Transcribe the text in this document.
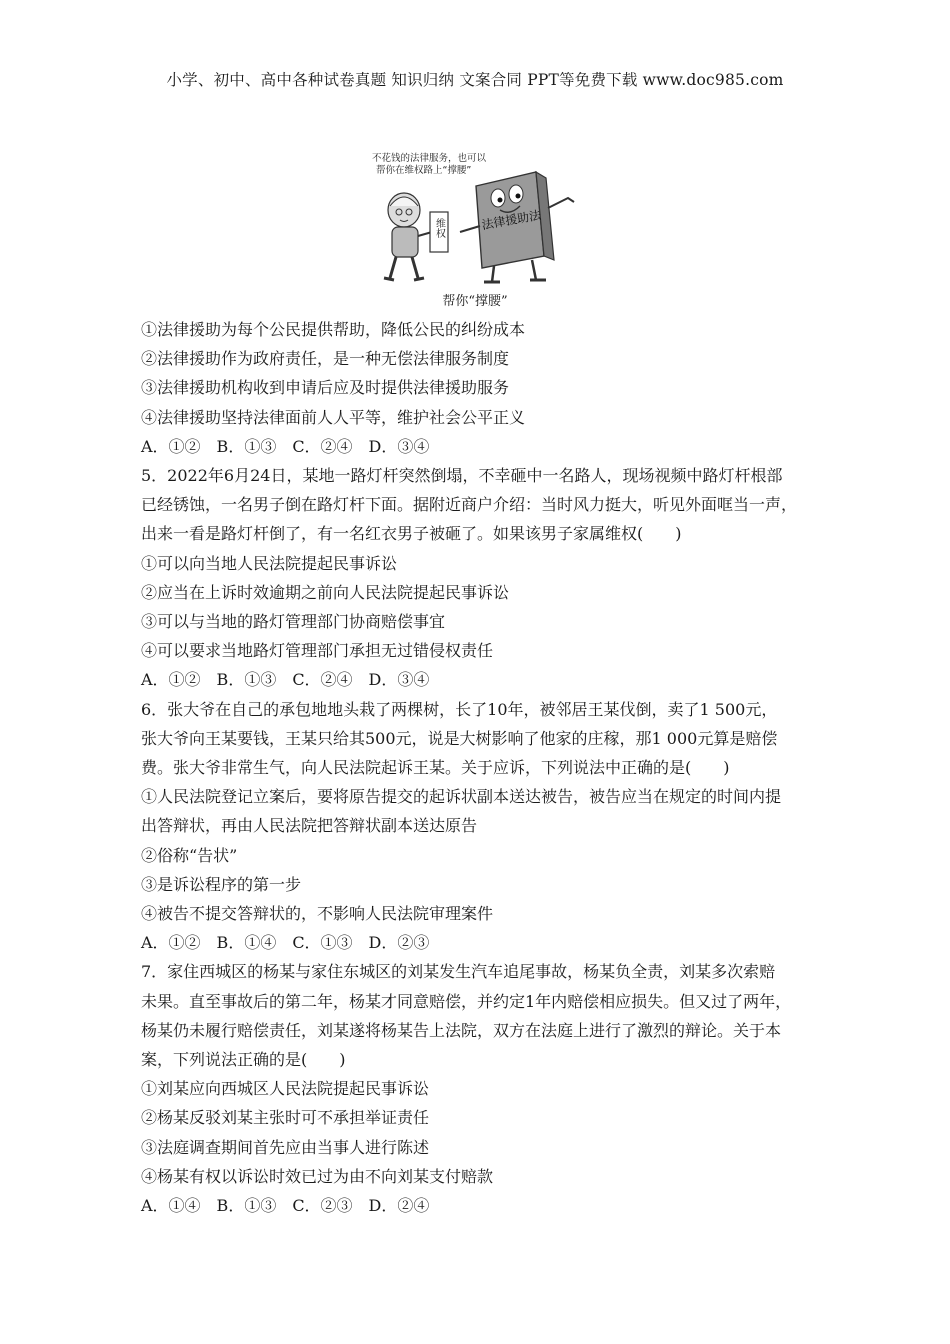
小学、初中、高中各种试卷真题 知识归纳 文案合同 PPT等免费下载 www.doc985.com
不花钱的法律服务，也可以
帮你在维权路上“撑腰”
维权	法律援助法
帮你“撑腰”

①法律援助为每个公民提供帮助，降低公民的纠纷成本

②法律援助作为政府责任，是一种无偿法律服务制度

③法律援助机构收到申请后应及时提供法律援助服务

④法律援助坚持法律面前人人平等，维护社会公平正义

A．①②　B．①③　C．②④　D．③④

5．2022年6月24日，某地一路灯杆突然倒塌，不幸砸中一名路人，现场视频中路灯杆根部

已经锈蚀，一名男子倒在路灯杆下面。据附近商户介绍：当时风力挺大，听见外面哐当一声，

出来一看是路灯杆倒了，有一名红衣男子被砸了。如果该男子家属维权(　　)

①可以向当地人民法院提起民事诉讼

②应当在上诉时效逾期之前向人民法院提起民事诉讼

③可以与当地的路灯管理部门协商赔偿事宜

④可以要求当地路灯管理部门承担无过错侵权责任

A．①②　B．①③　C．②④　D．③④

6．张大爷在自己的承包地地头栽了两棵树，长了10年，被邻居王某伐倒，卖了1 500元，

张大爷向王某要钱，王某只给其500元，说是大树影响了他家的庄稼，那1 000元算是赔偿

费。张大爷非常生气，向人民法院起诉王某。关于应诉，下列说法中正确的是(　　)

①人民法院登记立案后，要将原告提交的起诉状副本送达被告，被告应当在规定的时间内提

出答辩状，再由人民法院把答辩状副本送达原告

②俗称“告状”

③是诉讼程序的第一步

④被告不提交答辩状的，不影响人民法院审理案件

A．①②　B．①④　C．①③　D．②③

7．家住西城区的杨某与家住东城区的刘某发生汽车追尾事故，杨某负全责，刘某多次索赔

未果。直至事故后的第二年，杨某才同意赔偿，并约定1年内赔偿相应损失。但又过了两年，

杨某仍未履行赔偿责任，刘某遂将杨某告上法院，双方在法庭上进行了激烈的辩论。关于本

案，下列说法正确的是(　　)

①刘某应向西城区人民法院提起民事诉讼

②杨某反驳刘某主张时可不承担举证责任

③法庭调查期间首先应由当事人进行陈述

④杨某有权以诉讼时效已过为由不向刘某支付赔款

A．①④　B．①③　C．②③　D．②④
